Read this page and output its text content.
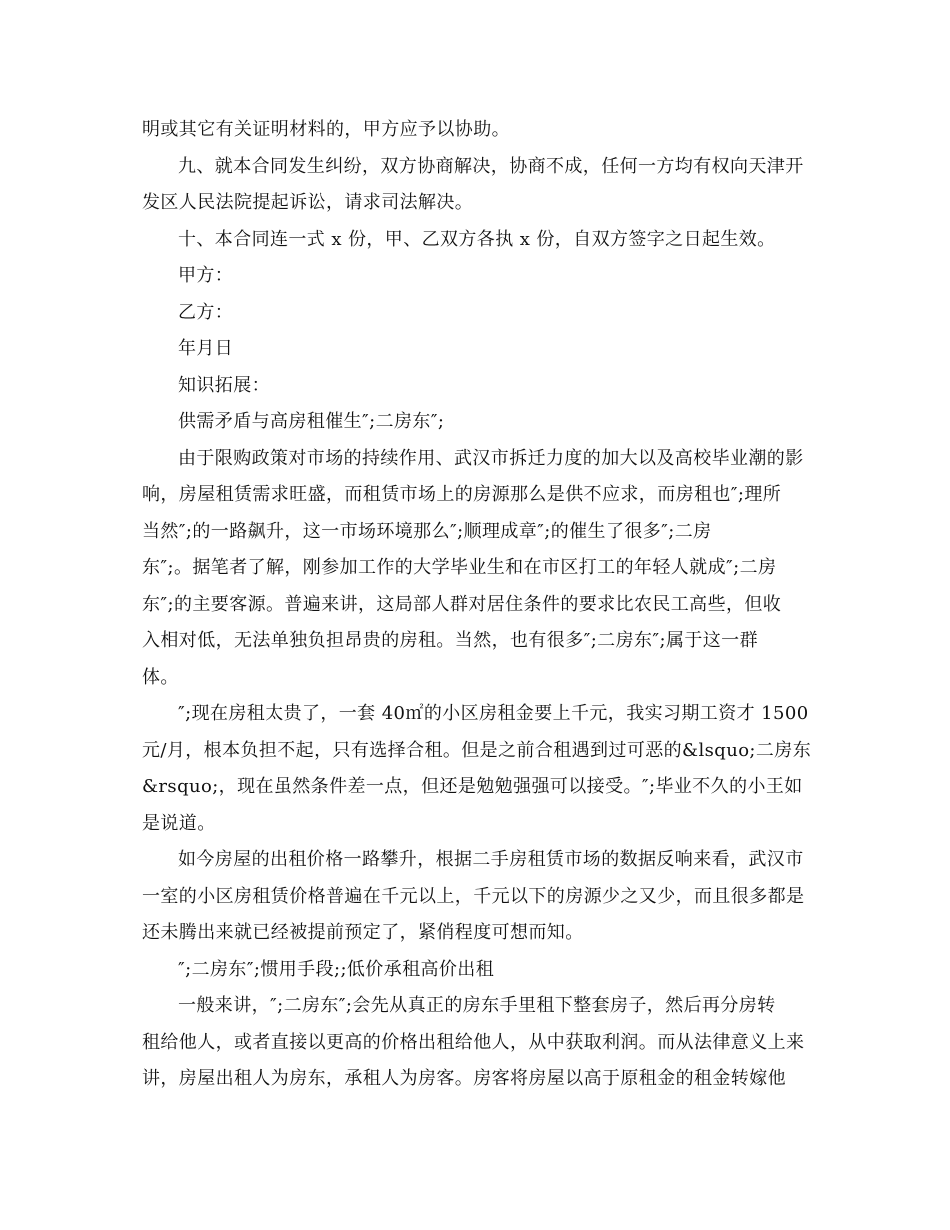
明或其它有关证明材料的，甲方应予以协助。
九、就本合同发生纠纷，双方协商解决，协商不成，任何一方均有权向天津开
发区人民法院提起诉讼，请求司法解决。
十、本合同连一式 x 份，甲、乙双方各执 x 份，自双方签字之日起生效。
甲方：
乙方：
年月日
知识拓展：
供需矛盾与高房租催生″;二房东″;
由于限购政策对市场的持续作用、武汉市拆迁力度的加大以及高校毕业潮的影
响，房屋租赁需求旺盛，而租赁市场上的房源那么是供不应求，而房租也″;理所
当然″;的一路飙升，这一市场环境那么″;顺理成章″;的催生了很多″;二房
东″;。据笔者了解，刚参加工作的大学毕业生和在市区打工的年轻人就成″;二房
东″;的主要客源。普遍来讲，这局部人群对居住条件的要求比农民工高些，但收
入相对低，无法单独负担昂贵的房租。当然，也有很多″;二房东″;属于这一群
体。
″;现在房租太贵了，一套 40㎡的小区房租金要上千元，我实习期工资才 1500
元/月，根本负担不起，只有选择合租。但是之前合租遇到过可恶的&lsquo;二房东
&rsquo;，现在虽然条件差一点，但还是勉勉强强可以接受。″;毕业不久的小王如
是说道。
如今房屋的出租价格一路攀升，根据二手房租赁市场的数据反响来看，武汉市
一室的小区房租赁价格普遍在千元以上，千元以下的房源少之又少，而且很多都是
还未腾出来就已经被提前预定了，紧俏程度可想而知。
″;二房东″;惯用手段;;低价承租高价出租
一般来讲，″;二房东″;会先从真正的房东手里租下整套房子，然后再分房转
租给他人，或者直接以更高的价格出租给他人，从中获取利润。而从法律意义上来
讲，房屋出租人为房东，承租人为房客。房客将房屋以高于原租金的租金转嫁他
